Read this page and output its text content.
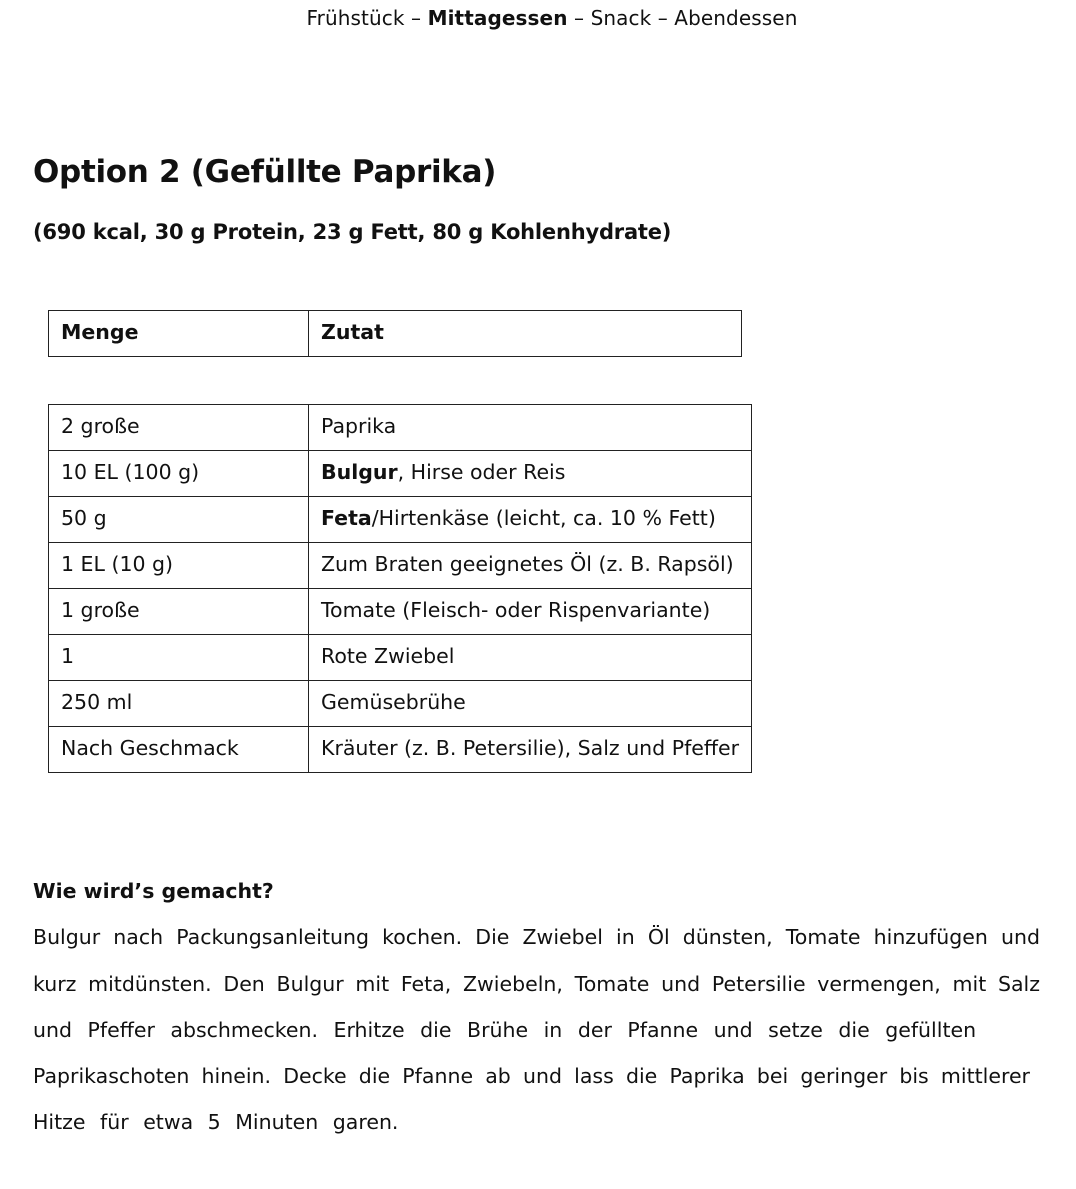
Frühstück – Mittagessen – Snack – Abendessen
Option 2 (Gefüllte Paprika)

(690 kcal, 30 g Protein, 23 g Fett, 80 g Kohlenhydrate)

Menge	Zutat
2 große	Paprika
10 EL (100 g)	Bulgur, Hirse oder Reis
50 g	Feta/Hirtenkäse (leicht, ca. 10 % Fett)
1 EL (10 g)	Zum Braten geeignetes Öl (z. B. Rapsöl)
1 große	Tomate (Fleisch- oder Rispenvariante)
1	Rote Zwiebel
250 ml	Gemüsebrühe
Nach Geschmack	Kräuter (z. B. Petersilie), Salz und Pfeffer

Wie wird’s gemacht?

Bulgur nach Packungsanleitung kochen. Die Zwiebel in Öl dünsten, Tomate hinzufügen und

kurz mitdünsten. Den Bulgur mit Feta, Zwiebeln, Tomate und Petersilie vermengen, mit Salz

und Pfeffer abschmecken. Erhitze die Brühe in der Pfanne und setze die gefüllten

Paprikaschoten hinein. Decke die Pfanne ab und lass die Paprika bei geringer bis mittlerer

Hitze für etwa 5 Minuten garen.
